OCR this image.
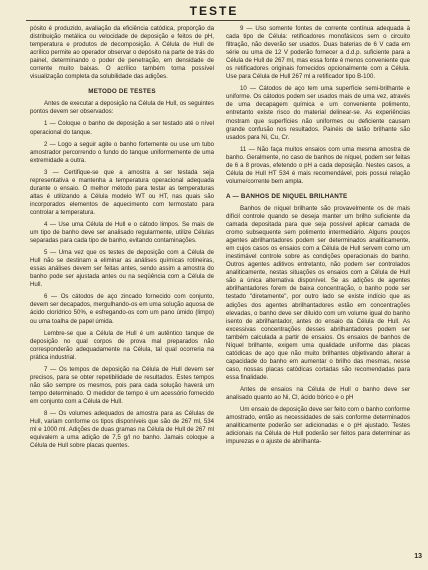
TESTE

pósito é produzido, avaliação da eficiência catódica, proporção da distribuição metálica ou velocidade de deposição e feitos de pH, temperatura e produtos de decomposição. A Célula de Hull de acrílico permite ao operador observar o depósito na parte de trás do painel, determinando o poder de penetração, em densidade de corrente muito baixas. O acrílico também torna possível visualização completa da solubilidade das adições.

METODO DE TESTES

Antes de executar a deposição na Célula de Hull, os seguintes pontos devem ser observados:

1 — Coloque o banho de deposição a ser testado até o nível operacional do tanque.

2 — Logo a seguir agite o banho fortemente ou use um tubo amostrador percorrendo o fundo do tanque uniformemente de uma extremidade a outra.

3 — Certifique-se que a amostra a ser testada seja representativa e mantenha a temperatura operacional adequada durante o ensaio. O melhor método para testar as temperaturas altas é utilizando a Célula modelo WT ou HT, nas quais são incorporados elementos de aquecimento com termostato para controlar a temperatura.

4 — Use uma Célula de Hull e o cátodo limpos. Se mais de um tipo de banho deve ser analisado regularmente, utilize Células separadas para cada tipo de banho, evitando contaminações.

5 — Uma vez que os testes de deposição com a Célula de Hull não se destinam a eliminar as análises químicas rotineiras, essas análises devem ser feitas antes, sendo assim a amostra do banho pode ser ajustada antes ou na seqüência com a Célula de Hull.

6 — Os cátodos de aço zincado fornecido com conjunto, devem ser decapados, mergulhando-os em uma solução aquosa de ácido clorídrico 50%, e esfregando-os com um pano úmido (limpo) ou uma toalha de papel úmida.

Lembre-se que a Célula de Hull é um autêntico tanque de deposição no qual corpos de prova mal preparados não corresponderão adequadamente na Célula, tal qual ocorreria na prática industrial.

7 — Os tempos de deposição na Célula de Hull devem ser precisos, para se obter repetibilidade de resultados. Estes tempos não são sempre os mesmos, pois para cada solução haverá um tempo determinado. O medidor de tempo é um acessório fornecido em conjunto com a Célula de Hull.

8 — Os volumes adequados de amostra para as Células de Hull, variam conforme os tipos disponíveis que são de 267 ml, 534 ml e 1000 ml. Adições de duas gramas na Célula de Hull de 267 ml equivalem a uma adição de 7,5 g/l no banho. Jamais coloque a Célula de Hull sobre placas quentes.

9 — Uso somente fontes de corrente contínua adequada à cada tipo de Célula: retificadores monofásicos sem o circuito filtração, não deverão ser usados. Duas baterias de 6 V cada em série ou uma de 12 V poderão fornecer a d.d.p. suficiente para a Célula de Hull de 267 ml, mas essa fonte é menos conveniente que os retificadores originais fornecidos opcionalmente com a Célula. Use para Célula de Hull 267 ml a retificador tipo B-100.

10 — Cátodos de aço tem uma superfície semi-brilhante e uniforme. Os cátodos podem ser usados mais de uma vez, através de uma decapagem química e um conveniente polimento, entretanto existe risco do material delinear-se. As experiências mostram que superfícies não uniformes ou deficiente causam grande confusão nos resultados. Painéis de latão brilhante são usados para Ni, Cu, Cr.

11 — Não faça muitos ensaios com uma mesma amostra de banho. Geralmente, no caso de banhos de níquel, podem ser feitas de 6 a 8 provas, efetendo o pH a cada deposição. Nestes casos, a Célula de Hull HT 534 é mais recomendável, pois possui relação volume/corrente bem ampla.

A — BANHOS DE NIQUEL BRILHANTE

Banhos de níquel brilhante são provavelmente os de mais difícil controle quando se deseja manter um brilho suficiente da camada depositada para que seja possível aplicar camada de cromo subsequente sem polimento intermediário. Alguns pouços agentes abrilhantadores podem ser determinados analiticamente, em cujos casos os ensaios com a Célula de Hull servem como um inestimável controle sobre as condições operacionais do banho. Outros agentes aditivos entretanto, não podem ser controlados analiticamente, nestas situações os ensaios com a Célula de Hull são a única alternativa disponível. Se as adições de agentes abrilhantadores forem de baixa concentração, o banho pode ser testado "diretamente", por outro lado se existe indício que as adições dos agentes abrilhantadores estão em concentrações elevadas, o banho deve ser diluído com um volume igual do banho isento de abrilhantador, antes do ensaio da Célula de Hull. As excessivas concentrações desses abrilhantadores podem ser também calculada a partir de ensaios. Os ensaios de banhos de Níquel brilhante, exigem uma qualidade uniforme das placas catódicas de aço que não muito brilhantes objetivando alterar a capacidade do banho em aumentar o brilho das mesmas, nesse caso, nossas placas catódicas cortadas são recomendadas para essa finalidade.

Antes de ensaios na Célula de Hull o banho deve ser analisado quanto ao Ni, Cl, ácido bórico e o pH

Um ensaio de deposição deve ser feito com o banho conforme amostrado, então as necessidades de sais conforme determinados analiticamente poderão ser adicionadas e o pH ajustado. Testes adicionais na Célula de Hull poderão ser feitos para determinar as impurezas e o ajuste de abrilhanta-

13
